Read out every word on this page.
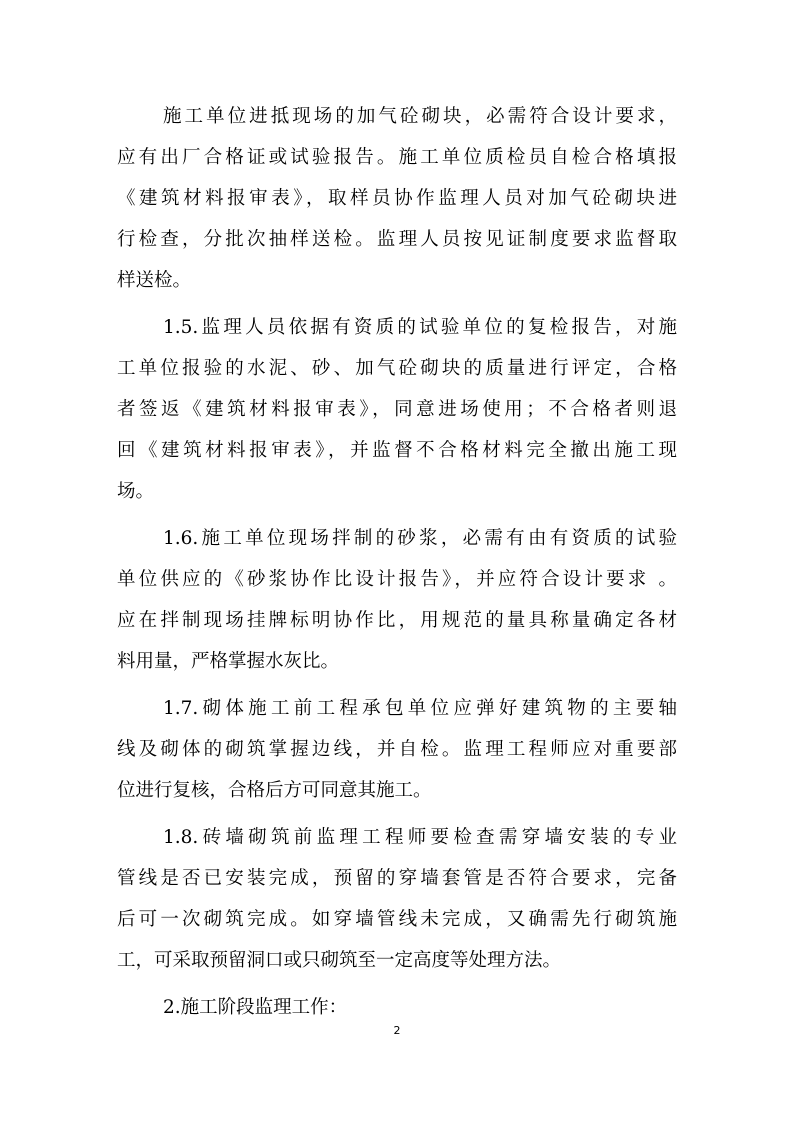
施工单位进抵现场的加气砼砌块，必需符合设计要求，
应有出厂合格证或试验报告。施工单位质检员自检合格填报
《建筑材料报审表》，取样员协作监理人员对加气砼砌块进
行检查，分批次抽样送检。监理人员按见证制度要求监督取
样送检。
1.5.监理人员依据有资质的试验单位的复检报告，对施
工单位报验的水泥、砂、加气砼砌块的质量进行评定，合格
者签返《建筑材料报审表》，同意进场使用；不合格者则退
回《建筑材料报审表》，并监督不合格材料完全撤出施工现
场。
1.6.施工单位现场拌制的砂浆，必需有由有资质的试验
单位供应的《砂浆协作比设计报告》，并应符合设计要求 。
应在拌制现场挂牌标明协作比，用规范的量具称量确定各材
料用量，严格掌握水灰比。
1.7.砌体施工前工程承包单位应弹好建筑物的主要轴
线及砌体的砌筑掌握边线，并自检。监理工程师应对重要部
位进行复核，合格后方可同意其施工。
1.8.砖墙砌筑前监理工程师要检查需穿墙安装的专业
管线是否已安装完成，预留的穿墙套管是否符合要求，完备
后可一次砌筑完成。如穿墙管线未完成，又确需先行砌筑施
工，可采取预留洞口或只砌筑至一定高度等处理方法。
2.施工阶段监理工作：
2
